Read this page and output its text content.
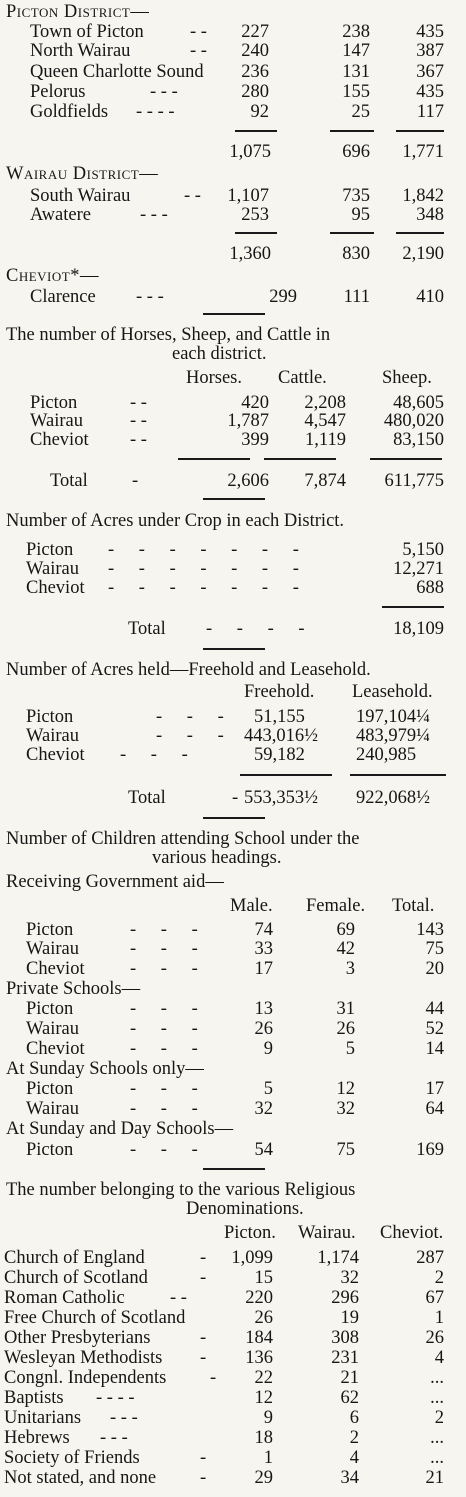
Picton District—
Town of Picton - - 227	238	435
North Wairau	- - 240	147	387
Queen Charlotte Sound 236	131	367
Pelorus	- - -	280	155	435
Goldfields - - - -	92	25	117
1,075	696 1,771
Wairau District—
South Wairau	- - 1,107	735 1,842
Awatere	- - -	253	95	348
1,360	830 2,190
Cheviot*—
Clarence - - -	299	111	410
The number of Horses, Sheep, and Cattle in
each district.
Horses. Cattle.	Sheep.
Picton	- -	420 2,208	48,605
Wairau	- -	1,787 4,547 480,020
Cheviot - -	399 1,119	83,150
Total -	2,606 7,874 611,775
Number of Acres under Crop in each District.
Picton - - - - - - -	5,150
Wairau - - - - - - -	12,271
Cheviot - - - - - - -	688
Total - - - -	18,109
Number of Acres held—Freehold and Leasehold.
Freehold. Leasehold.
Picton	- - - 51,155	197,104¼
Wairau	- - - 443,016½ 483,979¼
Cheviot - - -	59,182	240,985
Total	- 553,353½ 922,068½
Number of Children attending School under the
various headings.
Receiving Government aid—
Male. Female. Total.
Picton	- - -	74	69	143
Wairau	- - -	33	42	75
Cheviot - - -	17	3	20
Private Schools—
Picton	- - -	13	31	44
Wairau	- - -	26	26	52
Cheviot - - -	9	5	14
At Sunday Schools only—
Picton	- - -	5	12	17
Wairau	- - -	32	32	64
At Sunday and Day Schools—
Picton	- - -	54	75	169
The number belonging to the various Religious
Denominations.
Picton. Wairau. Cheviot.
Church of England	- 1,099 1,174	287
Church of Scotland	-	15	32	2
Roman Catholic - -	220	296	67
Free Church of Scotland	26	19	1
Other Presbyterians	- 184	308	26
Wesleyan Methodists - 136	231	4
Congnl. Independents - 22	21	...
Baptists - - - -	12	62	...
Unitarians - - -	9	6	2
Hebrews - - -	18	2	...
Society of Friends	-	1	4	...
Not stated, and none -	29	34	21
